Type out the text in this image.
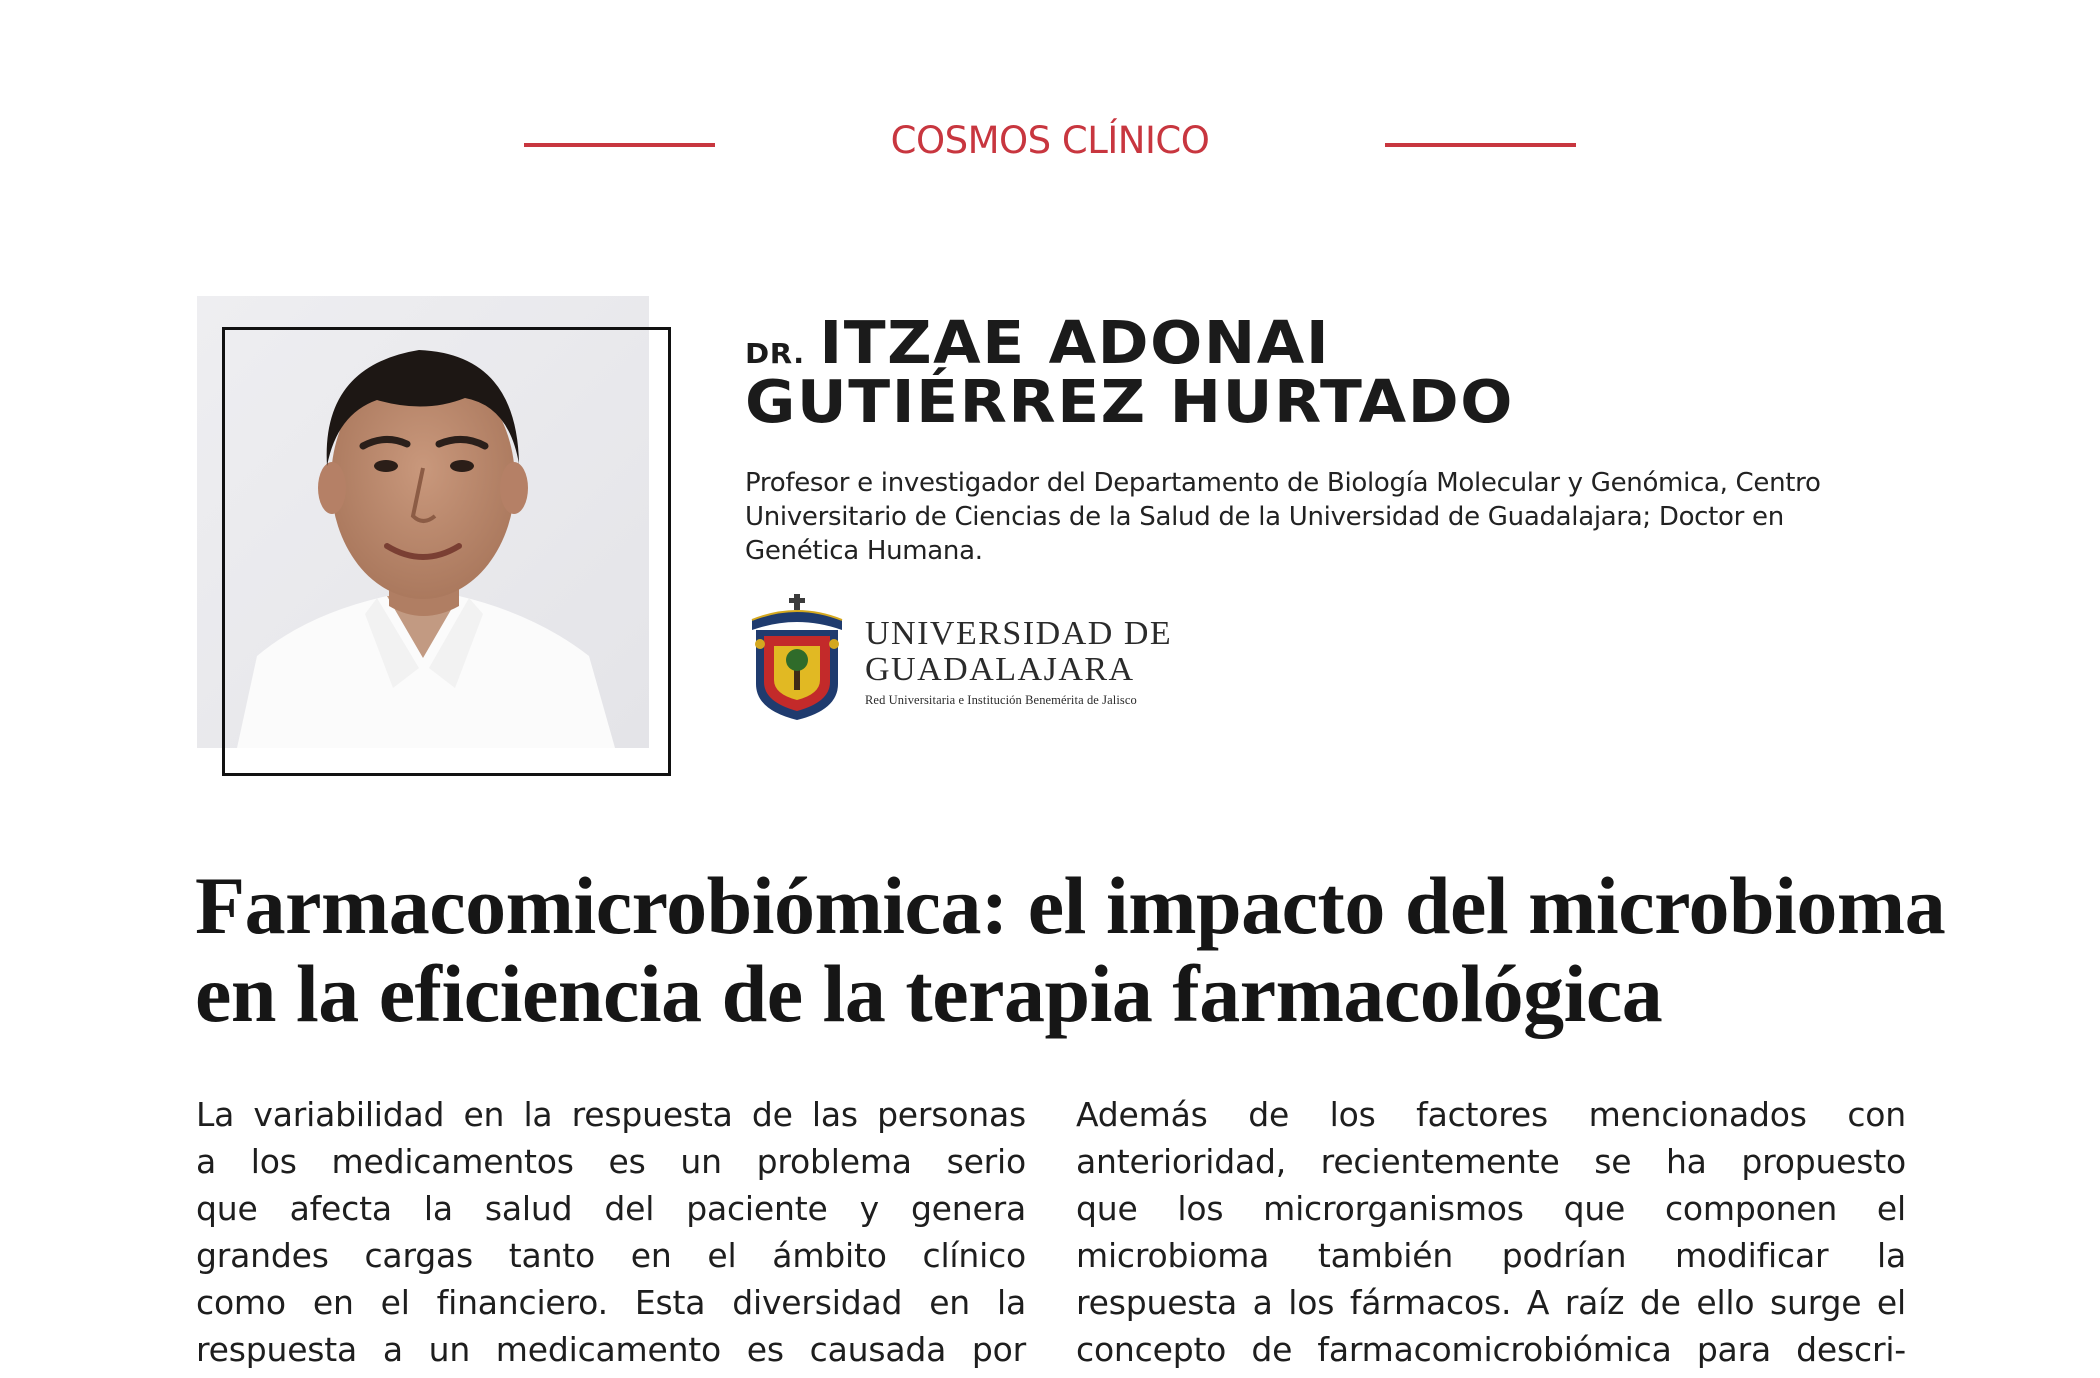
COSMOS CLÍNICO
DR. ITZAE ADONAI
GUTIÉRREZ HURTADO
Profesor e investigador del Departamento de Biología Molecular y Genómica, Centro
Universitario de Ciencias de la Salud de la Universidad de Guadalajara; Doctor en
Genética Humana.
UNIVERSIDAD DE
GUADALAJARA
Red Universitaria e Institución Benemérita de Jalisco
Farmacomicrobiómica: el impacto del microbioma
en la eficiencia de la terapia farmacológica
La variabilidad en la respuesta de las personas
a los medicamentos es un problema serio
que afecta la salud del paciente y genera
grandes cargas tanto en el ámbito clínico
como en el financiero. Esta diversidad en la
respuesta a un medicamento es causada por
Además de los factores mencionados con
anterioridad, recientemente se ha propuesto
que los microrganismos que componen el
microbioma también podrían modificar la
respuesta a los fármacos. A raíz de ello surge el
concepto de farmacomicrobiómica para descri-
